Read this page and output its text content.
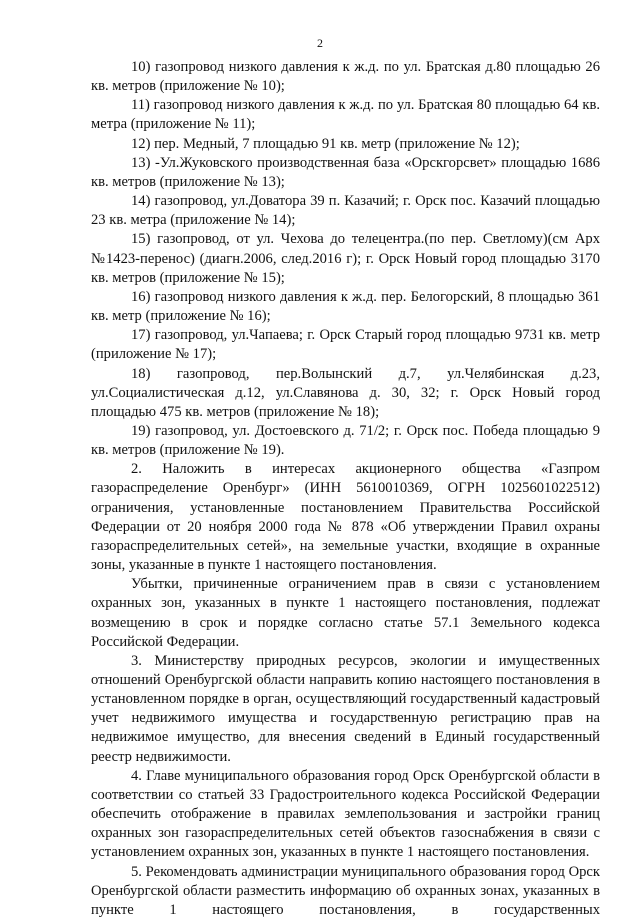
2

10) газопровод низкого давления к ж.д. по ул. Братская д.80 площадью 26 кв. метров (приложение № 10);

11) газопровод низкого давления к ж.д. по ул. Братская 80 площадью 64 кв. метра (приложение № 11);

12) пер. Медный, 7 площадью 91 кв. метр (приложение № 12);

13) -Ул.Жуковского производственная база «Орскгорсвет» площадью 1686 кв. метров (приложение № 13);

14) газопровод, ул.Доватора 39 п. Казачий; г. Орск пос. Казачий площадью 23 кв. метра (приложение № 14);

15) газопровод, от ул. Чехова до телецентра.(по пер. Светлому)(см Арх №1423-перенос) (диагн.2006, след.2016 г); г. Орск Новый город площадью 3170 кв. метров (приложение № 15);

16) газопровод низкого давления к ж.д. пер. Белогорский, 8 площадью 361 кв. метр (приложение № 16);

17) газопровод, ул.Чапаева; г. Орск Старый город площадью 9731 кв. метр (приложение № 17);

18) газопровод, пер.Волынский д.7, ул.Челябинская д.23, ул.Социалистическая д.12, ул.Славянова д. 30, 32; г. Орск Новый город площадью 475 кв. метров (приложение № 18);

19) газопровод, ул. Достоевского д. 71/2; г. Орск пос. Победа площадью 9 кв. метров (приложение № 19).

2. Наложить в интересах акционерного общества «Газпром газораспределение Оренбург» (ИНН 5610010369, ОГРН 1025601022512) ограничения, установленные постановлением Правительства Российской Федерации от 20 ноября 2000 года № 878 «Об утверждении Правил охраны газораспределительных сетей», на земельные участки, входящие в охранные зоны, указанные в пункте 1 настоящего постановления.

Убытки, причиненные ограничением прав в связи с установлением охранных зон, указанных в пункте 1 настоящего постановления, подлежат возмещению в срок и порядке согласно статье 57.1 Земельного кодекса Российской Федерации.

3. Министерству природных ресурсов, экологии и имущественных отношений Оренбургской области направить копию настоящего постановления в установленном порядке в орган, осуществляющий государственный кадастровый учет недвижимого имущества и государственную регистрацию прав на недвижимое имущество, для внесения сведений в Единый государственный реестр недвижимости.

4. Главе муниципального образования город Орск Оренбургской области в соответствии со статьей 33 Градостроительного кодекса Российской Федерации обеспечить отображение в правилах землепользования и застройки границ охранных зон газораспределительных сетей объектов газоснабжения в связи с установлением охранных зон, указанных в пункте 1 настоящего постановления.

5. Рекомендовать администрации муниципального образования город Орск Оренбургской области разместить информацию об охранных зонах, указанных в пункте 1 настоящего постановления, в государственных
